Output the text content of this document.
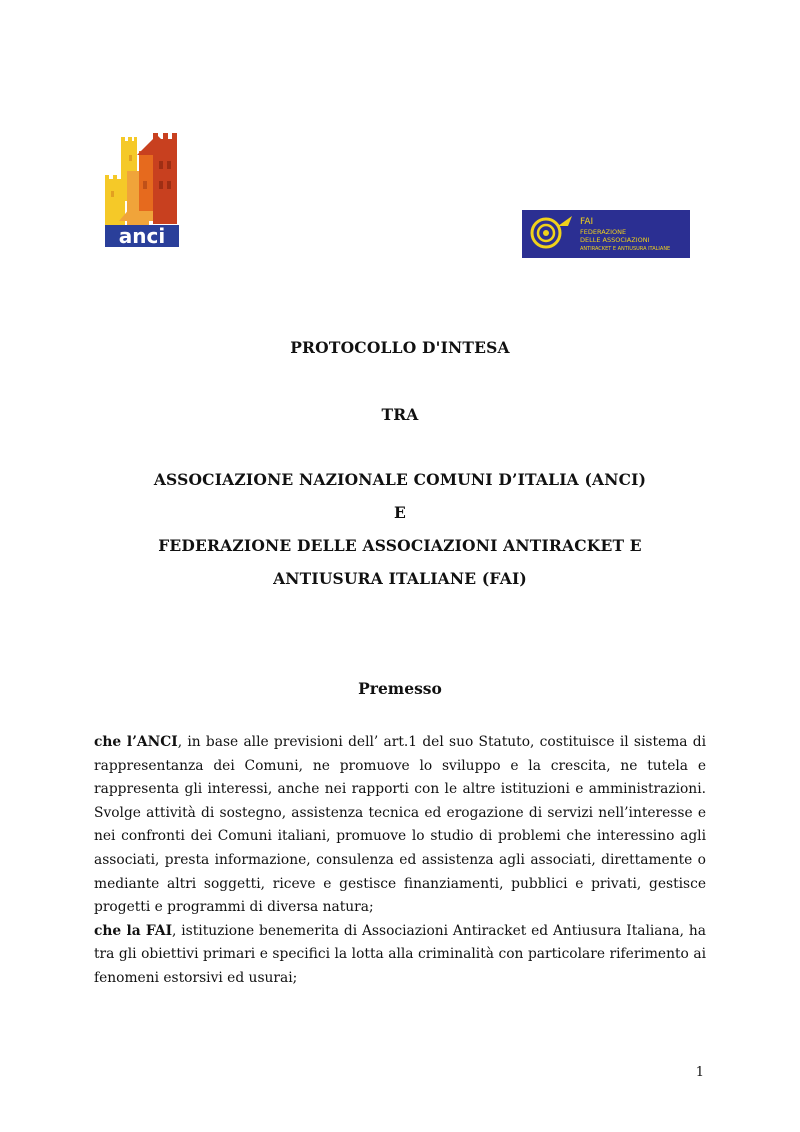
anci
FAI
FEDERAZIONE
DELLE ASSOCIAZIONI
ANTIRACKET E ANTIUSURA ITALIANE
PROTOCOLLO D'INTESA
TRA
ASSOCIAZIONE NAZIONALE COMUNI D’ITALIA (ANCI)
E
FEDERAZIONE DELLE ASSOCIAZIONI ANTIRACKET E
ANTIUSURA ITALIANE (FAI)
Premesso

che l’ANCI, in base alle previsioni dell’ art.1 del suo Statuto, costituisce il sistema di rappresentanza dei Comuni, ne promuove lo sviluppo e la crescita, ne tutela e rappresenta gli interessi, anche nei rapporti con le altre istituzioni e amministrazioni. Svolge attività di sostegno, assistenza tecnica ed erogazione di servizi nell’interesse e nei confronti dei Comuni italiani, promuove lo studio di problemi che interessino agli associati, presta informazione, consulenza ed assistenza agli associati, direttamente o mediante altri soggetti, riceve e gestisce finanziamenti, pubblici e privati, gestisce progetti e programmi di diversa natura;

che la FAI, istituzione benemerita di Associazioni Antiracket ed Antiusura Italiana, ha tra gli obiettivi primari e specifici la lotta alla criminalità con particolare riferimento ai fenomeni estorsivi ed usurai;

1
